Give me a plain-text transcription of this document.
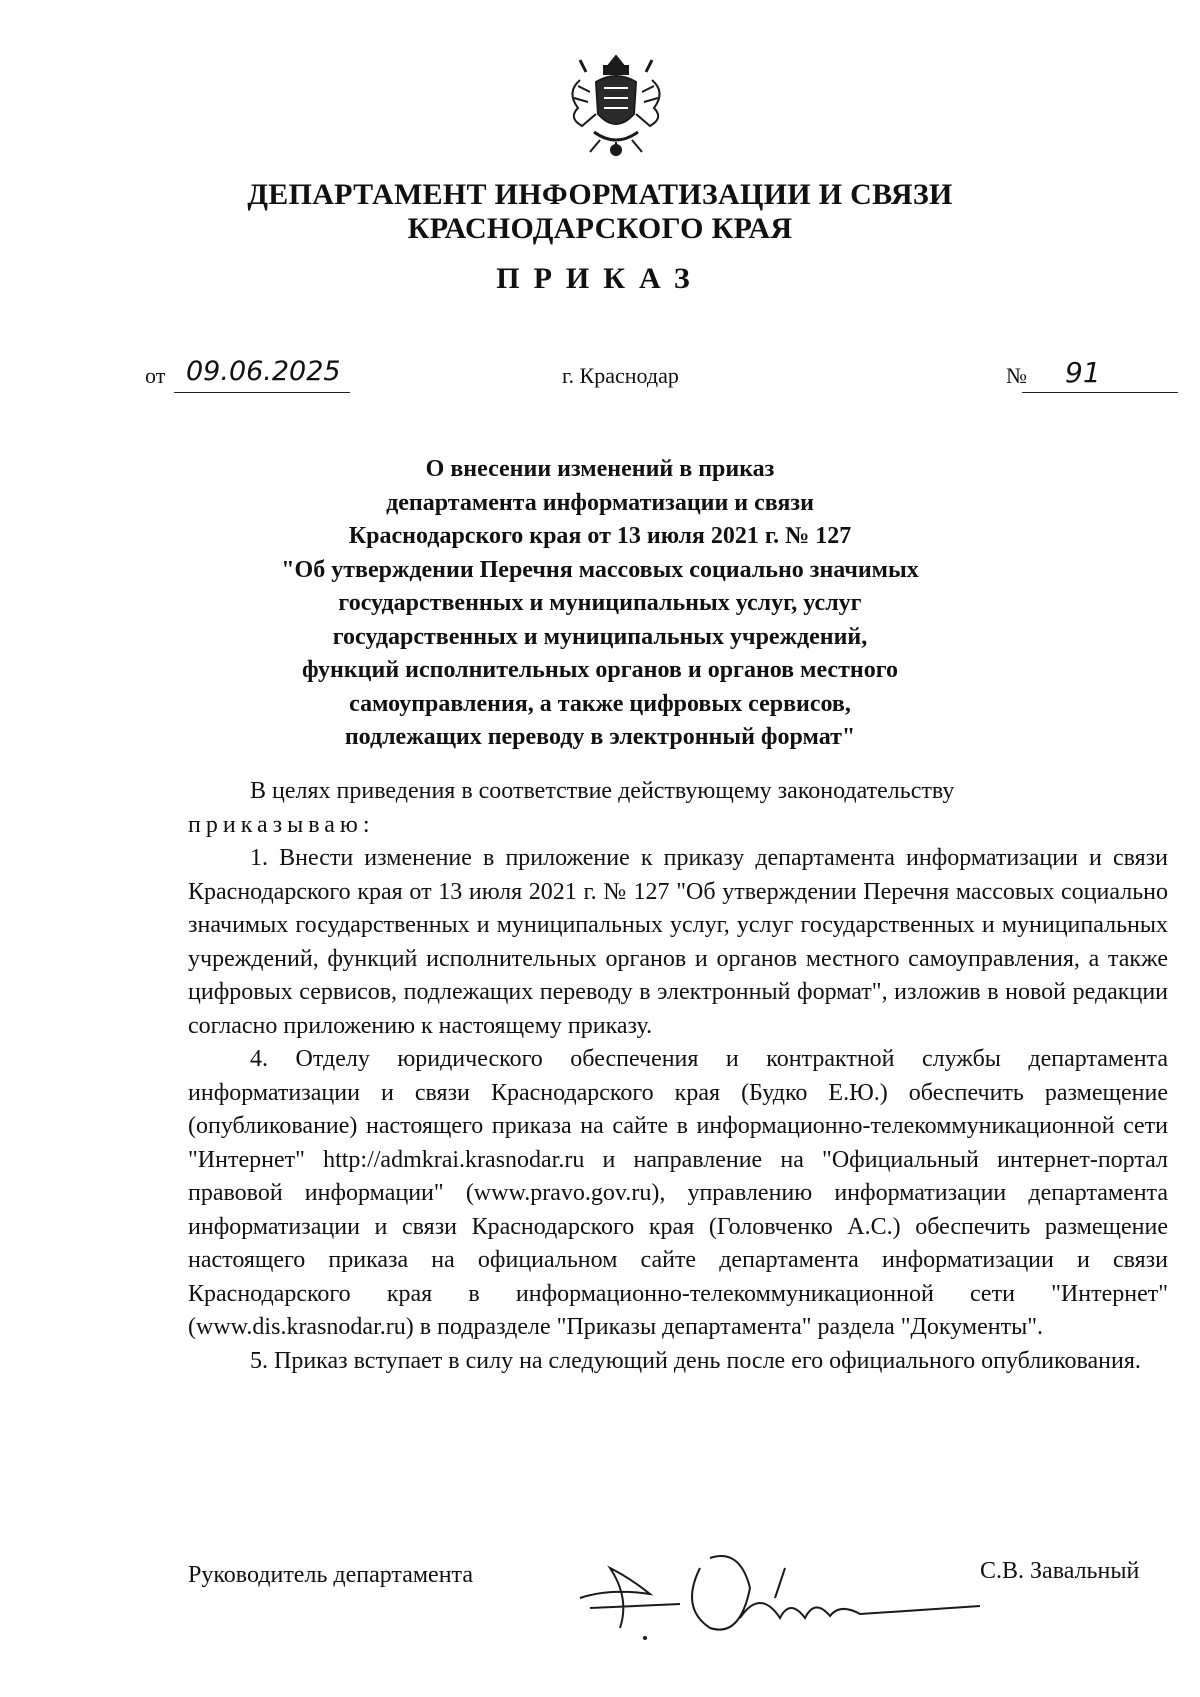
ДЕПАРТАМЕНТ ИНФОРМАТИЗАЦИИ И СВЯЗИ
КРАСНОДАРСКОГО КРАЯ
ПРИКАЗ
от 09.06.2025	г. Краснодар	№ 91
О внесении изменений в приказ
департамента информатизации и связи
Краснодарского края от 13 июля 2021 г. № 127
"Об утверждении Перечня массовых социально значимых
государственных и муниципальных услуг, услуг
государственных и муниципальных учреждений,
функций исполнительных органов и органов местного
самоуправления, а также цифровых сервисов,
подлежащих переводу в электронный формат"

В целях приведения в соответствие действующему законодательству

приказываю:

1. Внести изменение в приложение к приказу департамента информатизации и связи Краснодарского края от 13 июля 2021 г. № 127 "Об утверждении Перечня массовых социально значимых государственных и муниципальных услуг, услуг государственных и муниципальных учреждений, функций исполнительных органов и органов местного самоуправления, а также цифровых сервисов, подлежащих переводу в электронный формат", изложив в новой редакции согласно приложению к настоящему приказу.

4. Отделу юридического обеспечения и контрактной службы департамента информатизации и связи Краснодарского края (Будко Е.Ю.) обеспечить размещение (опубликование) настоящего приказа на сайте в информационно-телекоммуникационной сети "Интернет" http://admkrai.krasnodar.ru и направление на "Официальный интернет-портал правовой информации" (www.pravo.gov.ru), управлению информатизации департамента информатизации и связи Краснодарского края (Головченко А.С.) обеспечить размещение настоящего приказа на официальном сайте департамента информатизации и связи Краснодарского края в информационно-телекоммуникационной сети "Интернет" (www.dis.krasnodar.ru) в подразделе "Приказы департамента" раздела "Документы".

5. Приказ вступает в силу на следующий день после его официального опубликования.

Руководитель департамента	С.В. Завальный
